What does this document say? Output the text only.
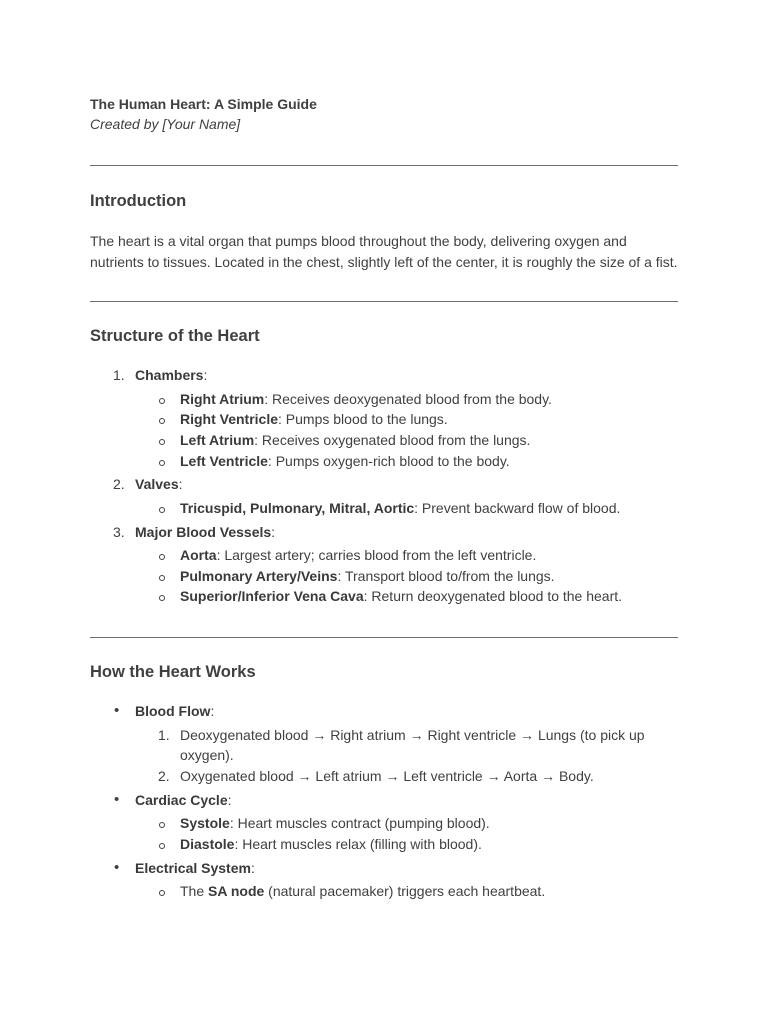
The Human Heart: A Simple Guide

Created by [Your Name]

Introduction

The heart is a vital organ that pumps blood throughout the body, delivering oxygen and nutrients to tissues. Located in the chest, slightly left of the center, it is roughly the size of a fist.

Structure of the Heart

1. Chambers:
Right Atrium: Receives deoxygenated blood from the body.
Right Ventricle: Pumps blood to the lungs.
Left Atrium: Receives oxygenated blood from the lungs.
Left Ventricle: Pumps oxygen-rich blood to the body.
2. Valves:
Tricuspid, Pulmonary, Mitral, Aortic: Prevent backward flow of blood.
3. Major Blood Vessels:
Aorta: Largest artery; carries blood from the left ventricle.
Pulmonary Artery/Veins: Transport blood to/from the lungs.
Superior/Inferior Vena Cava: Return deoxygenated blood to the heart.

How the Heart Works

•	Blood Flow:
1. Deoxygenated blood → Right atrium → Right ventricle → Lungs (to pick up oxygen).
2. Oxygenated blood → Left atrium → Left ventricle → Aorta → Body.
•	Cardiac Cycle:
Systole: Heart muscles contract (pumping blood).
Diastole: Heart muscles relax (filling with blood).
•	Electrical System:
The SA node (natural pacemaker) triggers each heartbeat.
